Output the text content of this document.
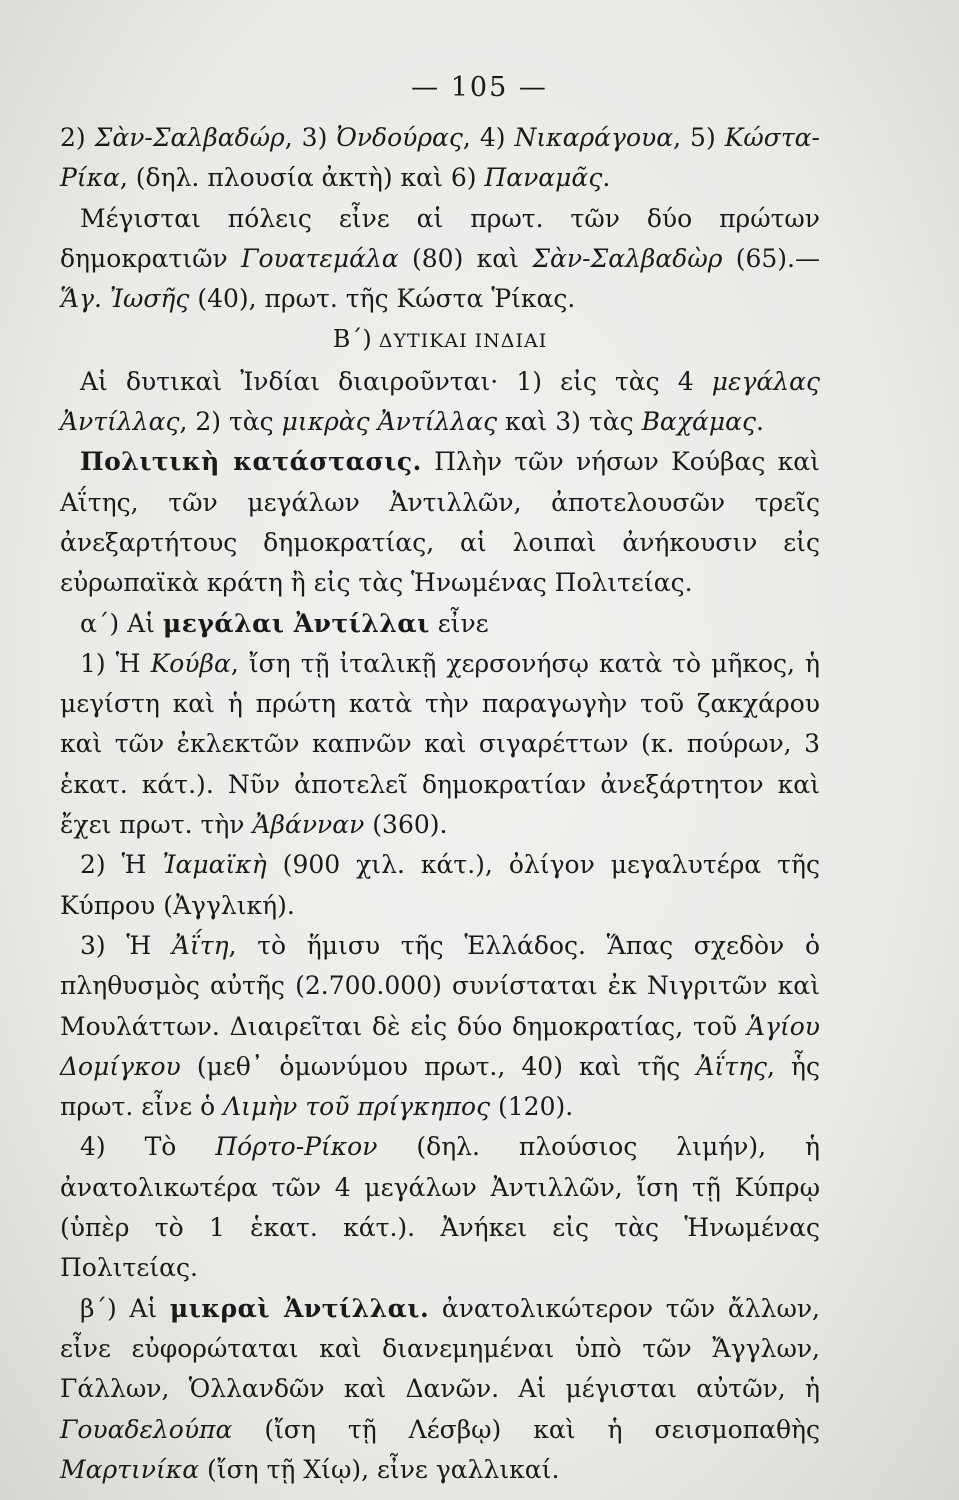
— 105 —

2) Σὰν-Σαλβαδώρ, 3) Ὀνδούρας, 4) Νικαράγουα, 5) Κώστα-Ρίκα, (δηλ. πλουσία ἀκτὴ) καὶ 6) Παναμᾶς.

Μέγισται πόλεις εἶνε αἱ πρωτ. τῶν δύο πρώτων δημοκρατιῶν Γουατεμάλα (80) καὶ Σὰν-Σαλβαδὼρ (65).— Ἅγ. Ἰωσῆς (40), πρωτ. τῆς Κώστα Ῥίκας.

Β΄) ΔΥΤΙΚΑΙ ΙΝΔΙΑΙ

Αἱ δυτικαὶ Ἰνδίαι διαιροῦνται· 1) εἰς τὰς 4 μεγάλας Ἀντίλλας, 2) τὰς μικρὰς Ἀντίλλας καὶ 3) τὰς Βαχάμας.

Πολιτικὴ κατάστασις. Πλὴν τῶν νήσων Κούβας καὶ Αΐτης, τῶν μεγάλων Ἀντιλλῶν, ἀποτελουσῶν τρεῖς ἀνεξαρτήτους δημοκρατίας, αἱ λοιπαὶ ἀνήκουσιν εἰς εὐρωπαϊκὰ κράτη ἢ εἰς τὰς Ἡνωμένας Πολιτείας.

α΄) Αἱ μεγάλαι Ἀντίλλαι εἶνε

1) Ἡ Κούβα, ἴση τῇ ἰταλικῇ χερσονήσῳ κατὰ τὸ μῆκος, ἡ μεγίστη καὶ ἡ πρώτη κατὰ τὴν παραγωγὴν τοῦ ζακχάρου καὶ τῶν ἐκλεκτῶν καπνῶν καὶ σιγαρέττων (κ. πούρων, 3 ἑκατ. κάτ.). Νῦν ἀποτελεῖ δημοκρατίαν ἀνεξάρτητον καὶ ἔχει πρωτ. τὴν Ἀβάνναν (360).

2) Ἡ Ἰαμαϊκὴ (900 χιλ. κάτ.), ὀλίγον μεγαλυτέρα τῆς Κύπρου (Ἀγγλική).

3) Ἡ Ἀΐτη, τὸ ἥμισυ τῆς Ἑλλάδος. Ἅπας σχεδὸν ὁ πληθυσμὸς αὐτῆς (2.700.000) συνίσταται ἐκ Νιγριτῶν καὶ Μουλάττων. Διαιρεῖται δὲ εἰς δύο δημοκρατίας, τοῦ Ἁγίου Δομίγκου (μεθ᾽ ὁμωνύμου πρωτ., 40) καὶ τῆς Ἀΐτης, ἧς πρωτ. εἶνε ὁ Λιμὴν τοῦ πρίγκηπος (120).

4) Τὸ Πόρτο-Ρίκον (δηλ. πλούσιος λιμήν), ἡ ἀνατολικωτέρα τῶν 4 μεγάλων Ἀντιλλῶν, ἴση τῇ Κύπρῳ (ὑπὲρ τὸ 1 ἑκατ. κάτ.). Ἀνήκει εἰς τὰς Ἡνωμένας Πολιτείας.

β΄) Αἱ μικραὶ Ἀντίλλαι. ἀνατολικώτερον τῶν ἄλλων, εἶνε εὐφορώταται καὶ διανεμημέναι ὑπὸ τῶν Ἄγγλων, Γάλλων, Ὁλλανδῶν καὶ Δανῶν. Αἱ μέγισται αὐτῶν, ἡ Γουαδελούπα (ἴση τῇ Λέσβῳ) καὶ ἡ σεισμοπαθὴς Μαρτινίκα (ἴση τῇ Χίῳ), εἶνε γαλλικαί.
